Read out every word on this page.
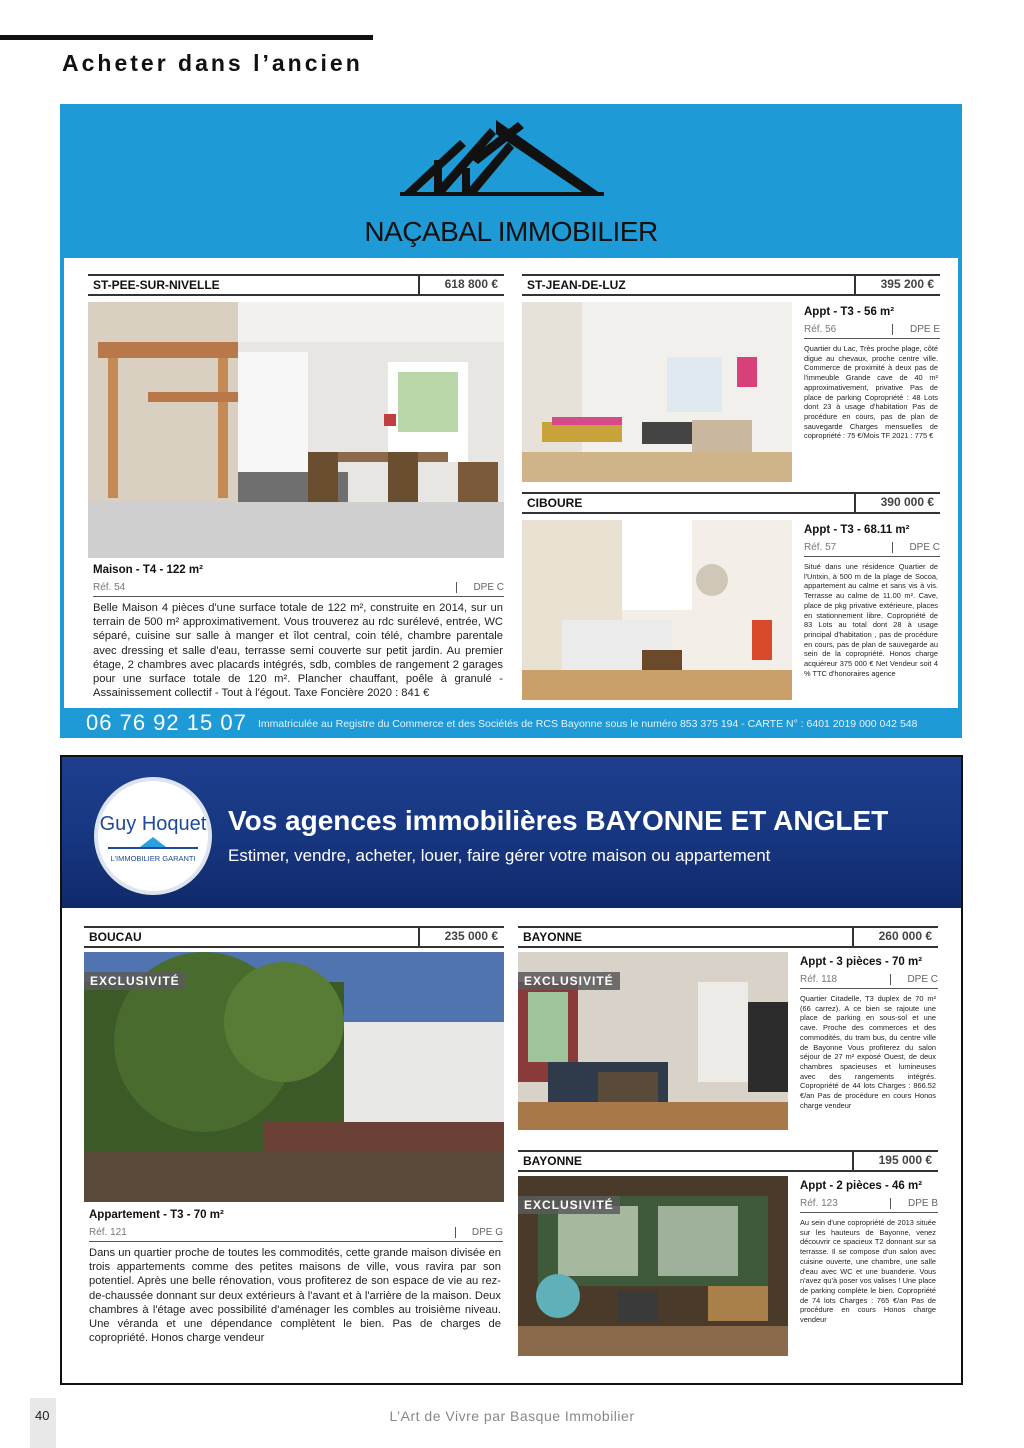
Acheter dans l’ancien
NAÇABAL IMMOBILIER
ST-PEE-SUR-NIVELLE	618 800 €
Maison - T4 - 122 m²
Réf. 54	DPE C
Belle Maison 4 pièces d'une surface totale de 122 m², construite en 2014, sur un terrain de 500 m² approximativement. Vous trouverez au rdc surélevé, entrée, WC séparé, cuisine sur salle à manger et îlot central, coin télé, chambre parentale avec dressing et salle d'eau, terrasse semi couverte sur petit jardin. Au premier étage, 2 chambres avec placards intégrés, sdb, combles de rangement 2 garages pour une surface totale de 120 m². Plancher chauffant, poêle à granulé - Assainissement collectif - Tout à l'égout. Taxe Foncière 2020 : 841 €
ST-JEAN-DE-LUZ	395 200 €
Appt - T3 - 56 m²
Réf. 56	DPE E
Quartier du Lac, Très proche plage, côté digue au chevaux, proche centre ville. Commerce de proximité à deux pas de l'immeuble Grande cave de 40 m² approximativement, privative Pas de place de parking Copropriété : 48 Lots dont 23 à usage d'habitation Pas de procédure en cours, pas de plan de sauvegarde Charges mensuelles de copropriété : 75 €/Mois TF 2021 : 775 €
CIBOURE	390 000 €
Appt - T3 - 68.11 m²
Réf. 57	DPE C
Situé dans une résidence Quartier de l'Untxin, à 500 m de la plage de Socoa, appartement au calme et sans vis à vis. Terrasse au calme de 11.00 m². Cave, place de pkg privative extérieure, places en stationnement libre. Copropriété de 83 Lots au total dont 28 à usage principal d'habitation , pas de procédure en cours, pas de plan de sauvegarde au sein de la copropriété. Honos charge acquéreur 375 000 € Net Vendeur soit 4 % TTC d'honoraires agence
06 76 92 15 07 Immatriculée au Registre du Commerce et des Sociétés de RCS Bayonne sous le numéro 853 375 194 - CARTE N° : 6401 2019 000 042 548
Guy Hoquet
L'IMMOBILIER GARANTI
Vos agences immobilières BAYONNE ET ANGLET
Estimer, vendre, acheter, louer, faire gérer votre maison ou appartement
BOUCAU	235 000 €
EXCLUSIVITÉ
Appartement - T3 - 70 m²
Réf. 121	DPE G
Dans un quartier proche de toutes les commodités, cette grande maison divisée en trois appartements comme des petites maisons de ville, vous ravira par son potentiel. Après une belle rénovation, vous profiterez de son espace de vie au rez-de-chaussée donnant sur deux extérieurs à l'avant et à l'arrière de la maison. Deux chambres à l'étage avec possibilité d'aménager les combles au troisième niveau. Une véranda et une dépendance complètent le bien. Pas de charges de copropriété. Honos charge vendeur
BAYONNE	260 000 €
EXCLUSIVITÉ
Appt - 3 pièces - 70 m²
Réf. 118	DPE C
Quartier Citadelle, T3 duplex de 70 m² (66 carrez). A ce bien se rajoute une place de parking en sous-sol et une cave. Proche des commerces et des commodités, du tram bus, du centre ville de Bayonne Vous profiterez du salon séjour de 27 m² exposé Ouest, de deux chambres spacieuses et lumineuses avec des rangements intégrés. Copropriété de 44 lots Charges : 866.52 €/an Pas de procédure en cours Honos charge vendeur
BAYONNE	195 000 €
EXCLUSIVITÉ
Appt - 2 pièces - 46 m²
Réf. 123	DPE B
Au sein d'une copropriété de 2013 située sur les hauteurs de Bayonne, venez découvrir ce spacieux T2 donnant sur sa terrasse. Il se compose d'un salon avec cuisine ouverte, une chambre, une salle d'eau avec WC et une buanderie. Vous n'avez qu'à poser vos valises ! Une place de parking complète le bien. Copropriété de 74 lots Charges : 765 €/an Pas de procédure en cours Honos charge vendeur
40	L’Art de Vivre par Basque Immobilier
